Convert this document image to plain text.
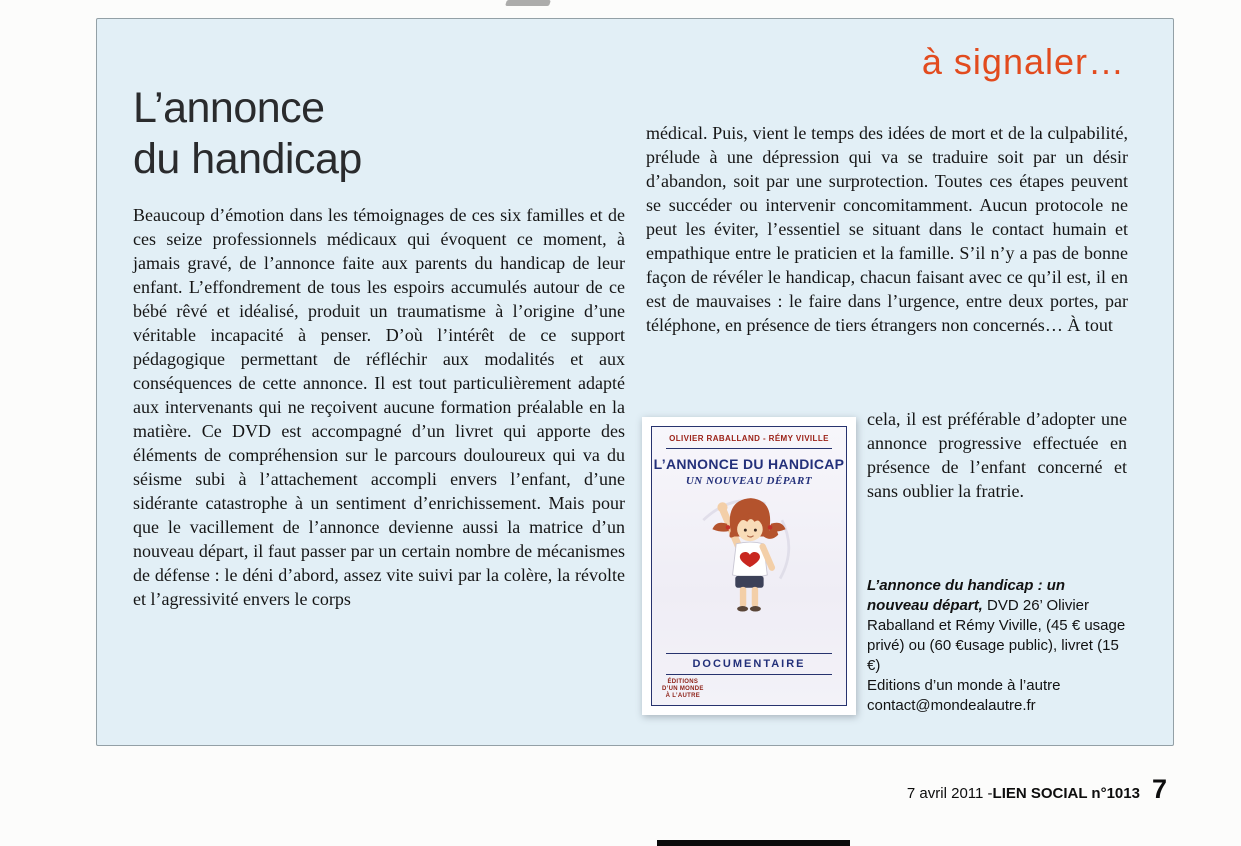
à signaler…
L’annonce
du handicap
Beaucoup d’émotion dans les témoignages de ces six familles et de ces seize professionnels médicaux qui évoquent ce moment, à jamais gravé, de l’annonce faite aux parents du handicap de leur enfant. L’effondrement de tous les espoirs accumulés autour de ce bébé rêvé et idéalisé, produit un traumatisme à l’origine d’une véritable incapacité à penser. D’où l’intérêt de ce support pédagogique permettant de réfléchir aux modalités et aux conséquences de cette annonce. Il est tout particulièrement adapté aux intervenants qui ne reçoivent aucune formation préalable en la matière. Ce DVD est accompagné d’un livret qui apporte des éléments de compréhension sur le parcours douloureux qui va du séisme subi à l’attachement accompli envers l’enfant, d’une sidérante catastrophe à un sentiment d’enrichissement. Mais pour que le vacillement de l’annonce devienne aussi la matrice d’un nouveau départ, il faut passer par un certain nombre de mécanismes de défense : le déni d’abord, assez vite suivi par la colère, la révolte et l’agressivité envers le corps
médical. Puis, vient le temps des idées de mort et de la culpabilité, prélude à une dépression qui va se traduire soit par un désir d’abandon, soit par une surprotection. Toutes ces étapes peuvent se succéder ou intervenir concomitamment. Aucun protocole ne peut les éviter, l’essentiel se situant dans le contact humain et empathique entre le praticien et la famille. S’il n’y a pas de bonne façon de révéler le handicap, chacun faisant avec ce qu’il est, il en est de mauvaises : le faire dans l’urgence, entre deux portes, par téléphone, en présence de tiers étrangers non concernés… À tout
cela, il est préférable d’adopter une annonce progressive effectuée en présence de l’enfant concerné et sans oublier la fratrie.
OLIVIER RABALLAND - RÉMY VIVILLE
L’ANNONCE DU HANDICAP
UN NOUVEAU DÉPART
DOCUMENTAIRE
ÉDITIONS
D’UN MONDE
À L’AUTRE
L’annonce du handicap : un nouveau départ, DVD 26’ Olivier Raballand et Rémy Viville, (45 € usage privé) ou (60 €usage public), livret (15 €)
Editions d’un monde à l’autre
contact@mondealautre.fr
7 avril 2011 - LIEN SOCIAL n°1013 7
